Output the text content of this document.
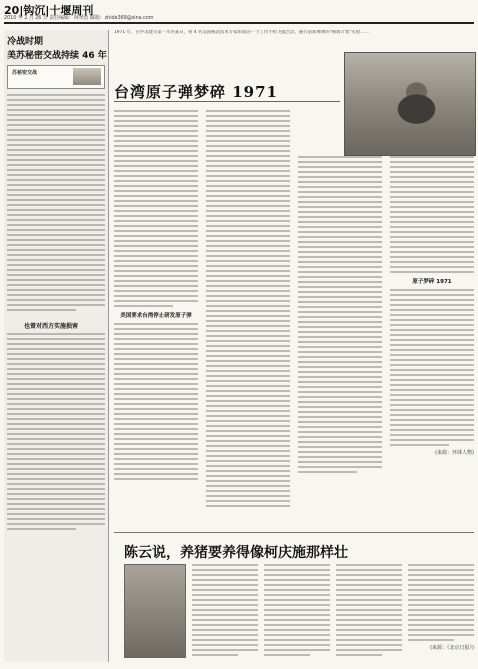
20|钩沉|十堰周刊
2010 年 2 月 26 日 责任编辑：林翠浩 邮箱：zhida369@sina.com
冷战时期
美苏秘密交战持续 46 年
苏秘密交战
也曾对西方实施损害
1971 年，在中美建交第一年的某日，将 4 名美国核武技术专家组成的一个工作小组飞抵台北，随行前新牌牌的"核新计划"实验……
台湾原子弹梦碎 1971
美国要求台湾停止研发原子弹
原子梦碎 1971
(来源：环球人物)
陈云说，养猪要养得像柯庆施那样壮
(来源：《北京日报》)
